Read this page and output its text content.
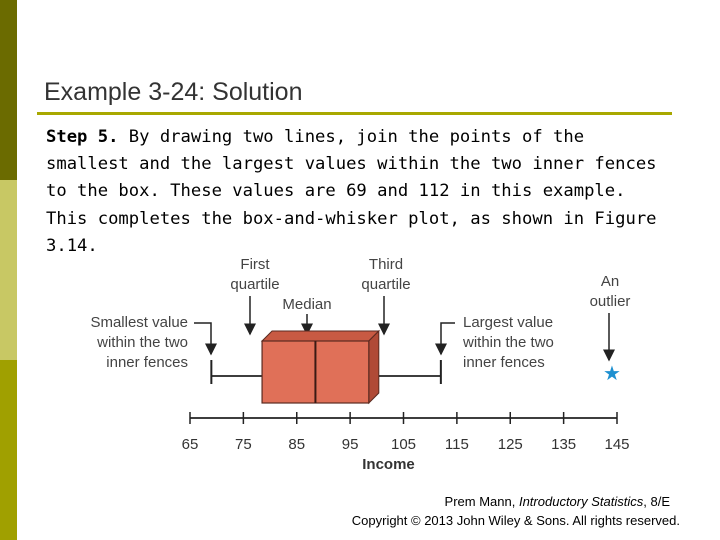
Example 3-24: Solution
Step 5. By drawing two lines, join the points of the smallest and the largest values within the two inner fences to the box. These values are 69 and 112 in this example. This completes the box-and-whisker plot, as shown in Figure 3.14.
First
quartile
Median
Third
quartile	An
outlier
Smallest value
within the two
inner fences
Largest value
within the two
inner fences	★
65 75 85 95 105 115 125 135 145
Income
Prem Mann, Introductory Statistics, 8/E
Copyright © 2013 John Wiley & Sons. All rights reserved.
